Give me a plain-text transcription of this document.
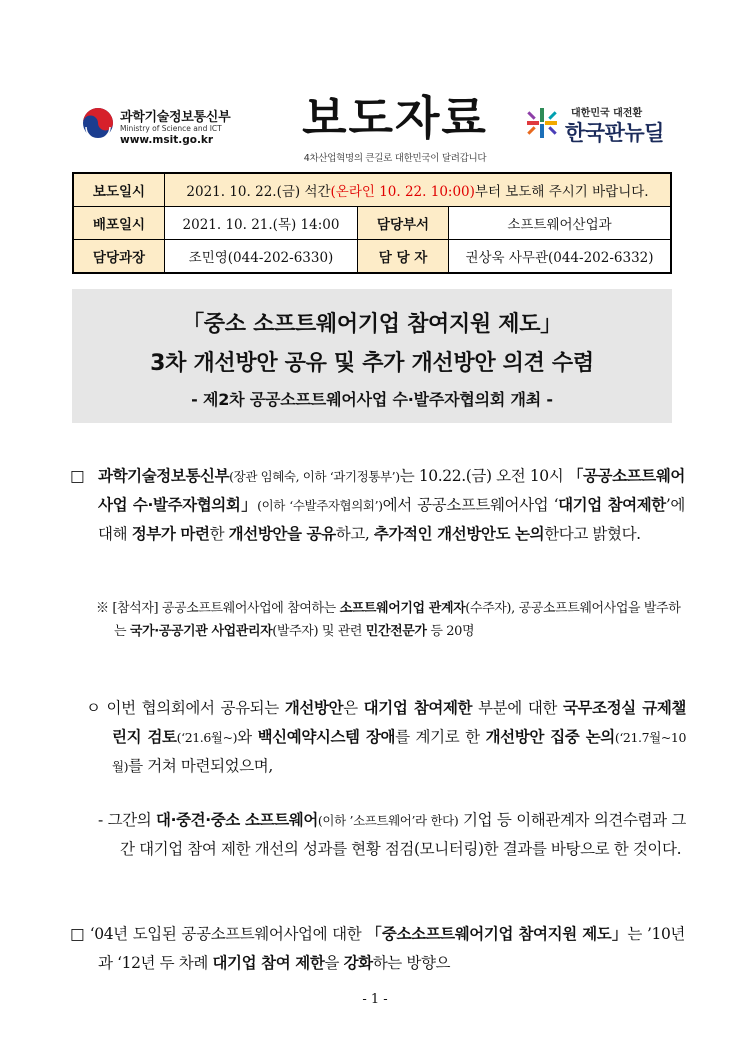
과학기술정보통신부
Ministry of Science and ICT
www.msit.go.kr 보도자료
4차산업혁명의 큰길로 대한민국이 달려갑니다
대한민국 대전환
한국판뉴딜
보도일시	2021. 10. 22.(금) 석간(온라인 10. 22. 10:00)부터 보도해 주시기 바랍니다.		
배포일시	2021. 10. 21.(목) 14:00	담당부서	소프트웨어산업과
담당과장	조민영(044-202-6330)	담 당 자	권상욱 사무관(044-202-6332)
「중소 소프트웨어기업 참여지원 제도」
3차 개선방안 공유 및 추가 개선방안 의견 수렴
- 제2차 공공소프트웨어사업 수·발주자협의회 개최 -
□ 과학기술정보통신부(장관 임혜숙, 이하 ‘과기정통부’)는 10.22.(금) 오전 10시 「공공소프트웨어사업 수·발주자협의회」(이하 ‘수발주자협의회’)에서 공공소프트웨어사업 ‘대기업 참여제한’에 대해 정부가 마련한 개선방안을 공유하고, 추가적인 개선방안도 논의한다고 밝혔다.
※ [참석자] 공공소프트웨어사업에 참여하는 소프트웨어기업 관계자(수주자), 공공소프트웨어사업을 발주하는 국가·공공기관 사업관리자(발주자) 및 관련 민간전문가 등 20명
ㅇ 이번 협의회에서 공유되는 개선방안은 대기업 참여제한 부분에 대한 국무조정실 규제챌린지 검토(‘21.6월~)와 백신예약시스템 장애를 계기로 한 개선방안 집중 논의(‘21.7월~10월)를 거쳐 마련되었으며,
- 그간의 대·중견·중소 소프트웨어(이하 ’소프트웨어’라 한다) 기업 등 이해관계자 의견수렴과 그간 대기업 참여 제한 개선의 성과를 현황 점검(모니터링)한 결과를 바탕으로 한 것이다.
□ ‘04년 도입된 공공소프트웨어사업에 대한 「중소소프트웨어기업 참여지원 제도」는 ’10년과 ‘12년 두 차례 대기업 참여 제한을 강화하는 방향으
- 1 -
